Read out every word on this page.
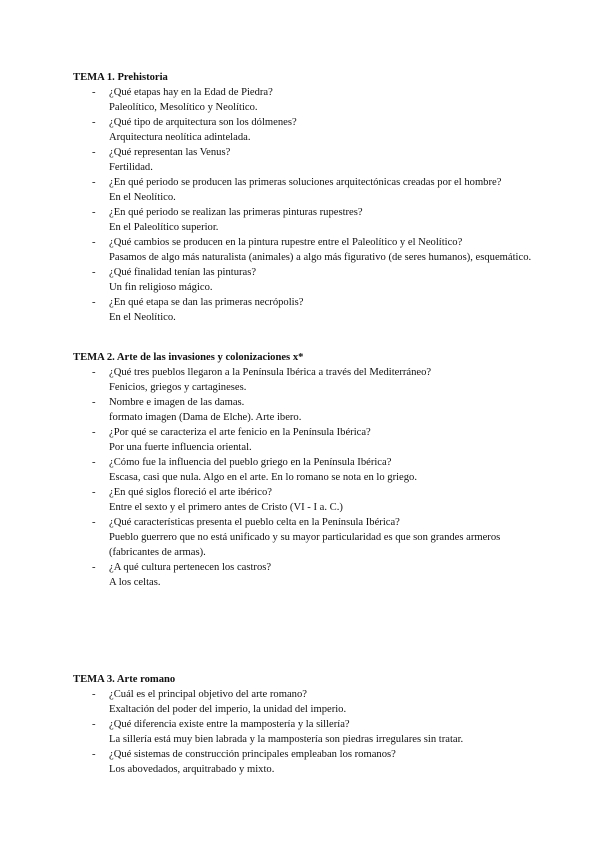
TEMA 1. Prehistoria

- ¿Qué etapas hay en la Edad de Piedra?
Paleolítico, Mesolítico y Neolítico.
- ¿Qué tipo de arquitectura son los dólmenes?
Arquitectura neolítica adintelada.
- ¿Qué representan las Venus?
Fertilidad.
- ¿En qué periodo se producen las primeras soluciones arquitectónicas creadas por el hombre?
En el Neolítico.
- ¿En qué periodo se realizan las primeras pinturas rupestres?
En el Paleolítico superior.
- ¿Qué cambios se producen en la pintura rupestre entre el Paleolítico y el Neolítico?
Pasamos de algo más naturalista (animales) a algo más figurativo (de seres humanos), esquemático.
- ¿Qué finalidad tenían las pinturas?
Un fin religioso mágico.
- ¿En qué etapa se dan las primeras necrópolis?
En el Neolítico.

TEMA 2. Arte de las invasiones y colonizaciones x*

- ¿Qué tres pueblos llegaron a la Península Ibérica a través del Mediterráneo?
Fenicios, griegos y cartagineses.
- Nombre e imagen de las damas.
formato imagen (Dama de Elche). Arte ibero.
- ¿Por qué se caracteriza el arte fenicio en la Península Ibérica?
Por una fuerte influencia oriental.
- ¿Cómo fue la influencia del pueblo griego en la Península Ibérica?
Escasa, casi que nula. Algo en el arte. En lo romano se nota en lo griego.
- ¿En qué siglos floreció el arte ibérico?
Entre el sexto y el primero antes de Cristo (VI - I a. C.)
- ¿Qué características presenta el pueblo celta en la Península Ibérica?
Pueblo guerrero que no está unificado y su mayor particularidad es que son grandes armeros (fabricantes de armas).
- ¿A qué cultura pertenecen los castros?
A los celtas.

TEMA 3. Arte romano

- ¿Cuál es el principal objetivo del arte romano?
Exaltación del poder del imperio, la unidad del imperio.
- ¿Qué diferencia existe entre la mampostería y la sillería?
La sillería está muy bien labrada y la mampostería son piedras irregulares sin tratar.
- ¿Qué sistemas de construcción principales empleaban los romanos?
Los abovedados, arquitrabado y mixto.
